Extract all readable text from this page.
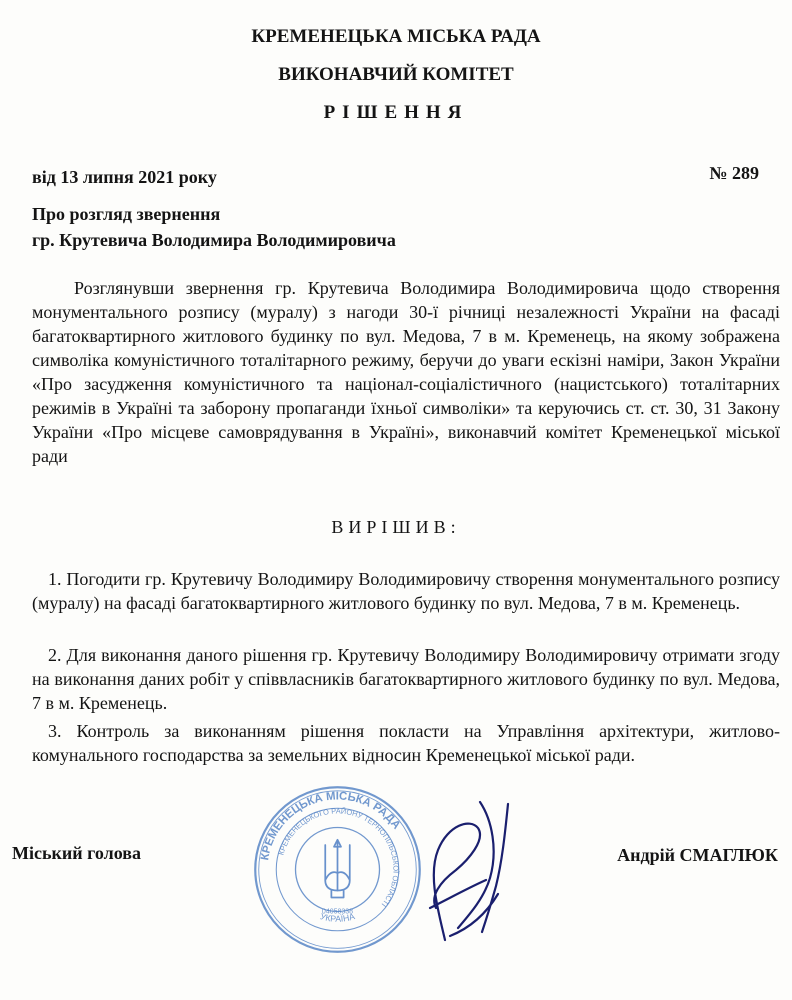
КРЕМЕНЕЦЬКА МІСЬКА РАДА

ВИКОНАВЧИЙ КОМІТЕТ

РІШЕННЯ

від 13 липня 2021 року	№ 289

Про розгляд звернення

гр. Крутевича Володимира Володимировича

Розглянувши звернення гр. Крутевича Володимира Володимировича щодо створення монументального розпису (муралу) з нагоди 30-ї річниці незалежності України на фасаді багатоквартирного житлового будинку по вул. Медова, 7 в м. Кременець, на якому зображена символіка комуністичного тоталітарного режиму, беручи до уваги ескізні наміри, Закон України «Про засудження комуністичного та націонал-соціалістичного (нацистського) тоталітарних режимів в Україні та заборону пропаганди їхньої символіки» та керуючись ст. ст. 30, 31 Закону України «Про місцеве самоврядування в Україні», виконавчий комітет Кременецької міської ради

ВИРІШИВ:

1. Погодити гр. Крутевичу Володимиру Володимировичу створення монументального розпису (муралу) на фасаді багатоквартирного житлового будинку по вул. Медова, 7 в м. Кременець.

2. Для виконання даного рішення гр. Крутевичу Володимиру Володимировичу отримати згоду на виконання даних робіт у співвласників багатоквартирного житлового будинку по вул. Медова, 7 в м. Кременець.

3. Контроль за виконанням рішення покласти на Управління архітектури, житлово-комунального господарства за земельних відносин Кременецької міської ради.

Міський голова	КРЕМЕНЕЦЬКА МІСЬКА РАДА
КРЕМЕНЕЦЬКОГО РАЙОНУ ТЕРНОПІЛЬСЬКОЇ ОБЛАСТІ
УКРАЇНА
04058338

Андрій СМАГЛЮК
